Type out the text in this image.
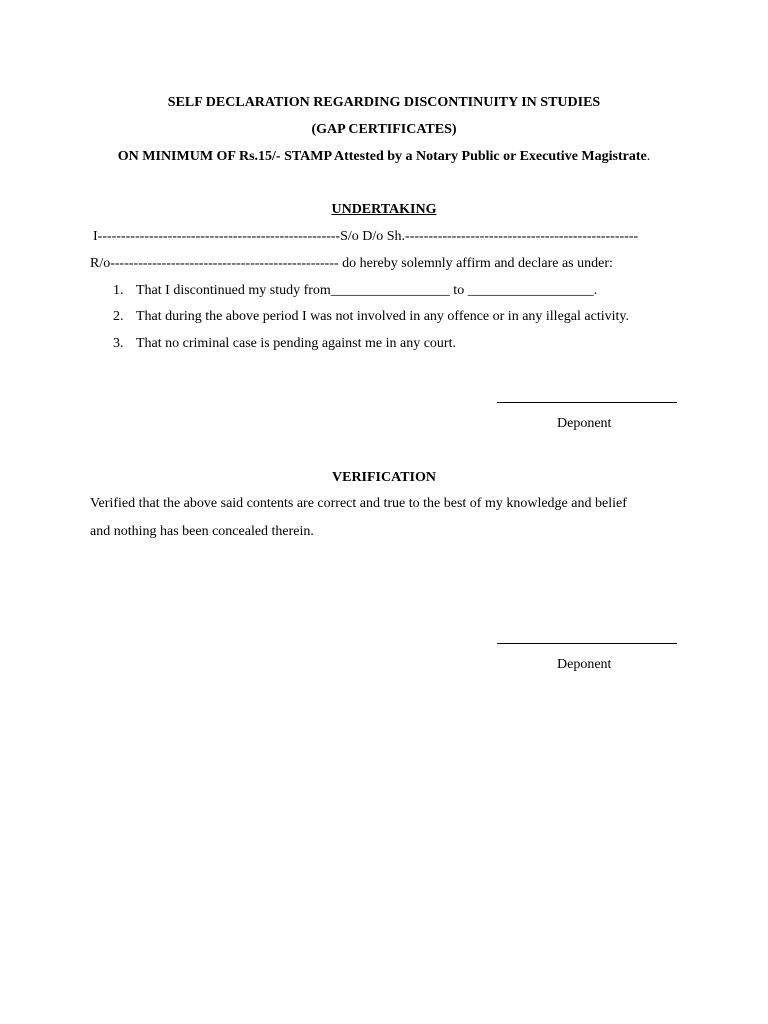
SELF DECLARATION REGARDING DISCONTINUITY IN STUDIES
(GAP CERTIFICATES)
ON MINIMUM OF Rs.15/- STAMP Attested by a Notary Public or Executive Magistrate.
UNDERTAKING
I----------------------------------------------------S/o D/o Sh.--------------------------------------------------
R/o------------------------------------------------- do hereby solemnly affirm and declare as under:
1. That I discontinued my study from_________________ to __________________.
2. That during the above period I was not involved in any offence or in any illegal activity.
3. That no criminal case is pending against me in any court.
Deponent
VERIFICATION
Verified that the above said contents are correct and true to the best of my knowledge and belief
and nothing has been concealed therein.
Deponent
